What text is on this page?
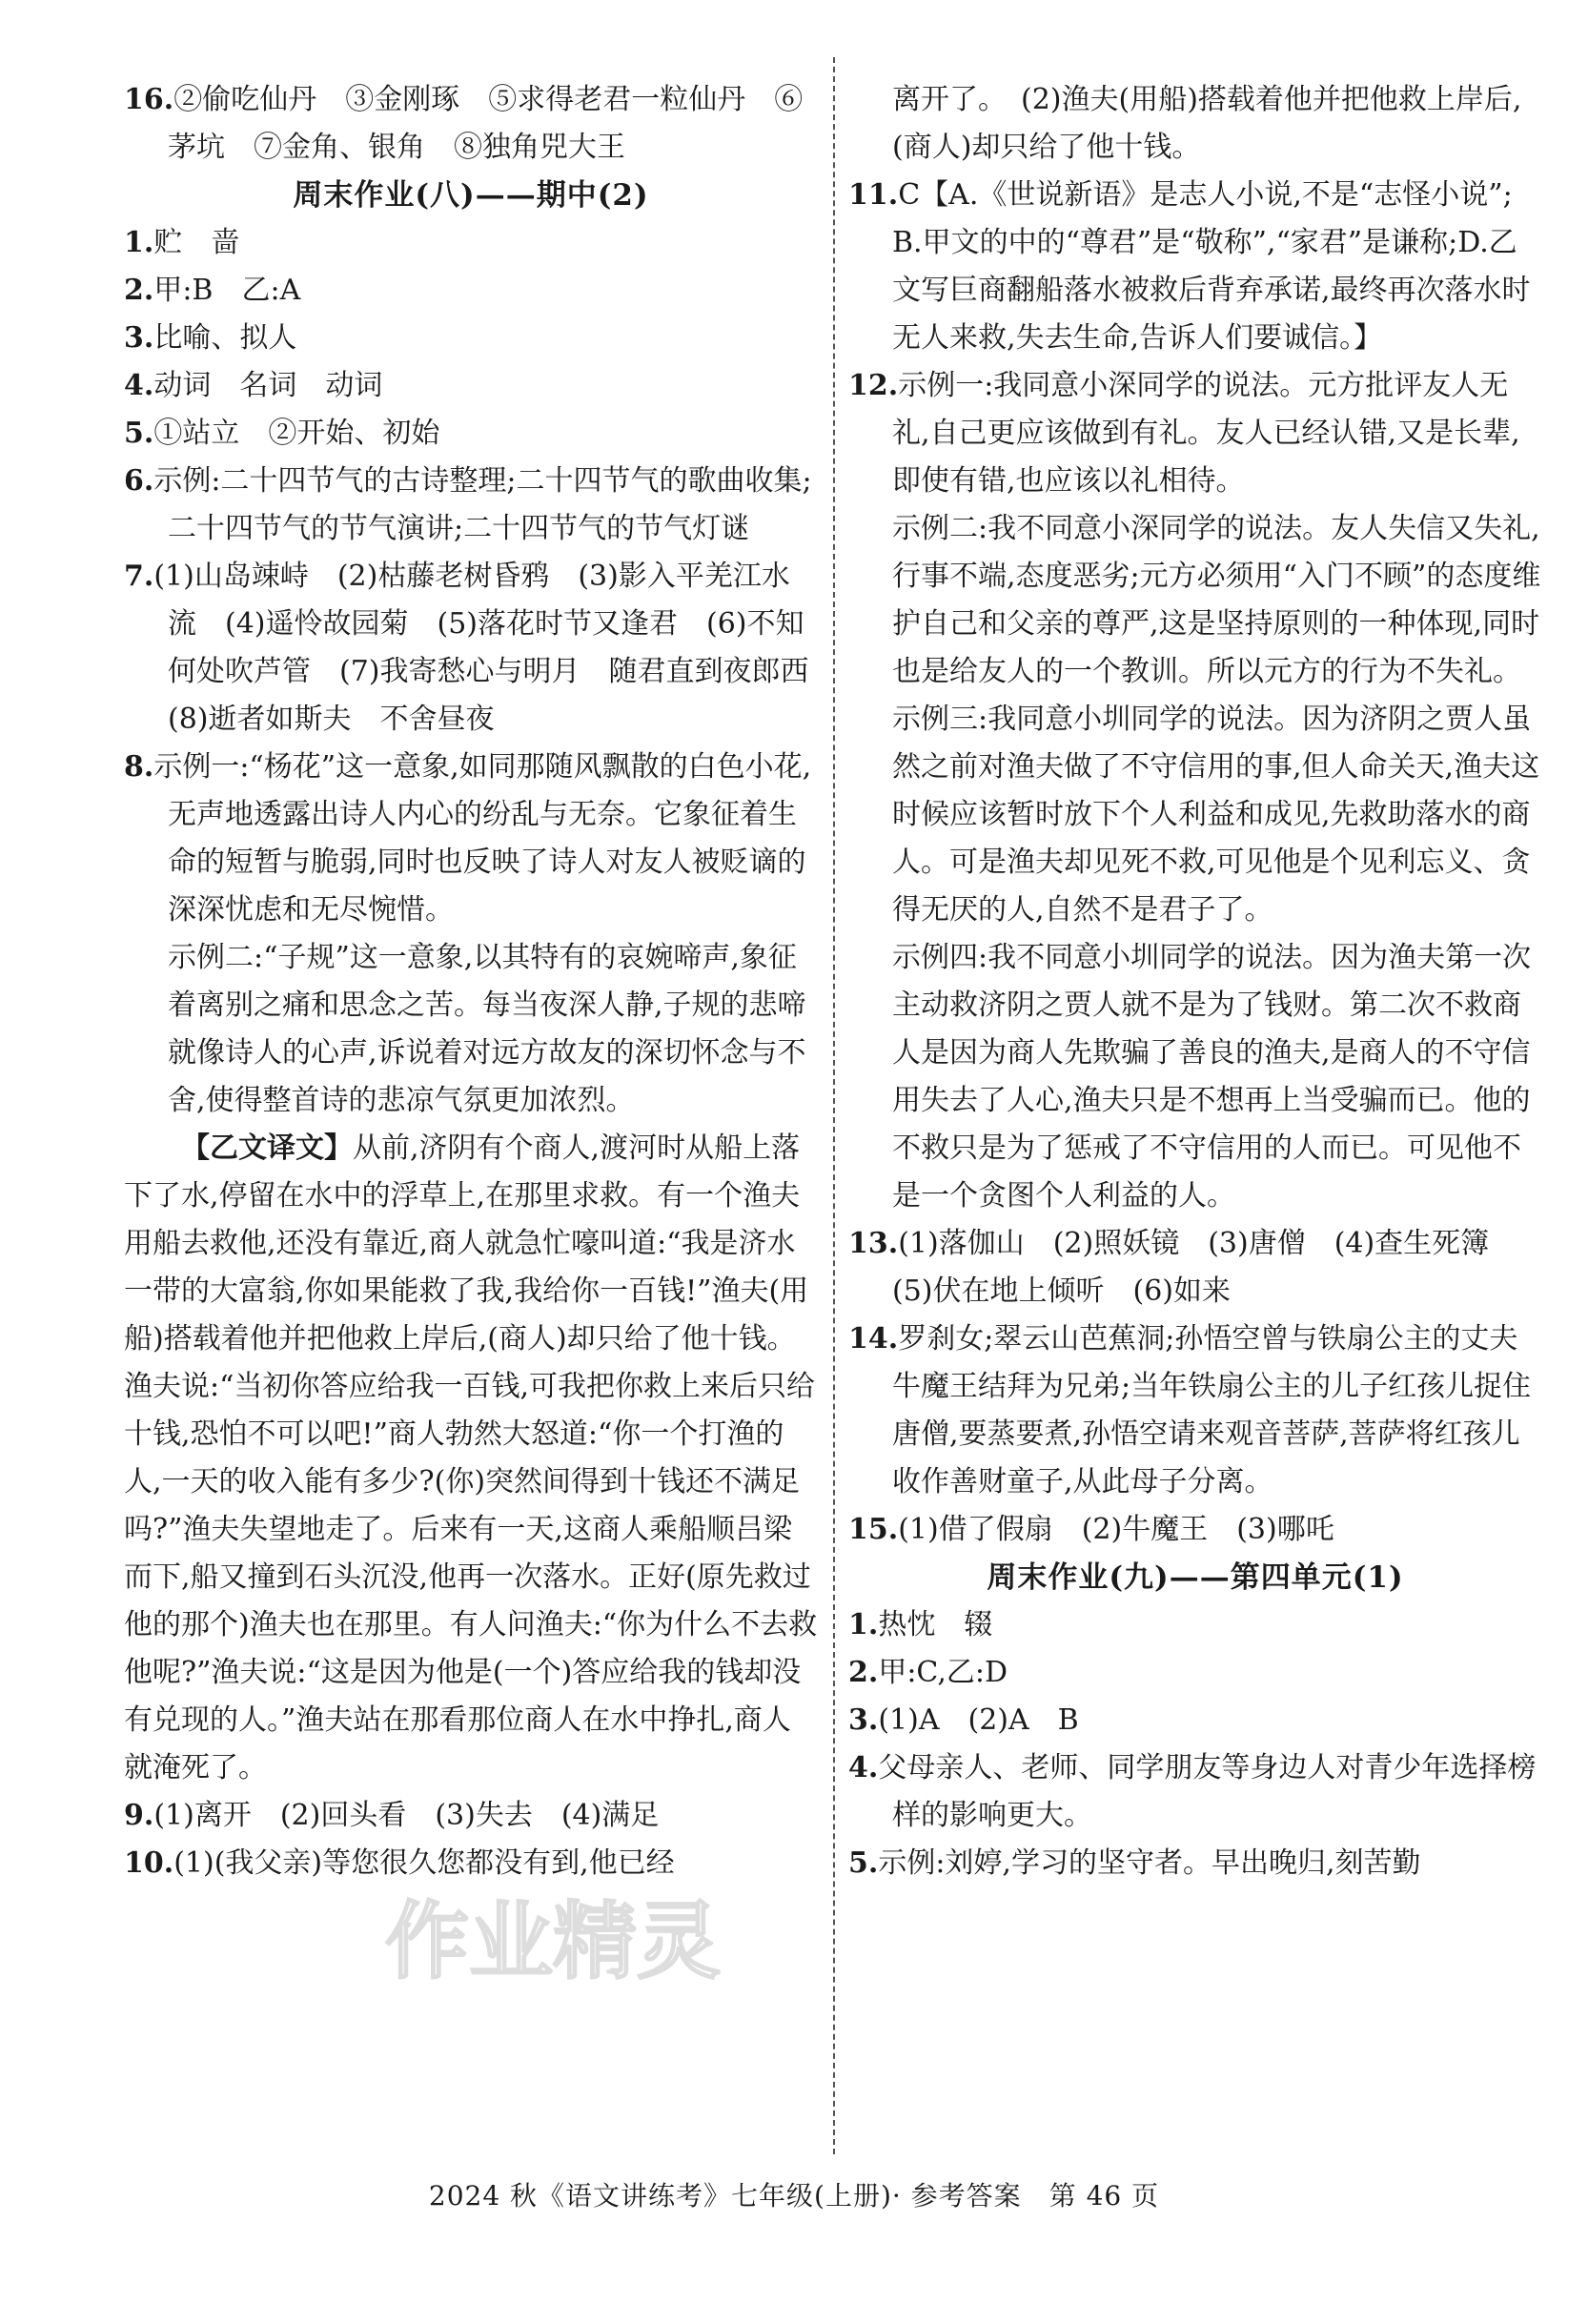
16.②偷吃仙丹　③金刚琢　⑤求得老君一粒仙丹　⑥茅坑　⑦金角、银角　⑧独角兕大王

周末作业(八)——期中(2)

1.贮　啬

2.甲:B　乙:A

3.比喻、拟人

4.动词　名词　动词

5.①站立　②开始、初始

6.示例:二十四节气的古诗整理;二十四节气的歌曲收集;二十四节气的节气演讲;二十四节气的节气灯谜

7.(1)山岛竦峙　(2)枯藤老树昏鸦　(3)影入平羌江水流　(4)遥怜故园菊　(5)落花时节又逢君　(6)不知何处吹芦管　(7)我寄愁心与明月　随君直到夜郎西　(8)逝者如斯夫　不舍昼夜

8.示例一:“杨花”这一意象,如同那随风飘散的白色小花,无声地透露出诗人内心的纷乱与无奈。它象征着生命的短暂与脆弱,同时也反映了诗人对友人被贬谪的深深忧虑和无尽惋惜。

示例二:“子规”这一意象,以其特有的哀婉啼声,象征着离别之痛和思念之苦。每当夜深人静,子规的悲啼就像诗人的心声,诉说着对远方故友的深切怀念与不舍,使得整首诗的悲凉气氛更加浓烈。

【乙文译文】从前,济阴有个商人,渡河时从船上落下了水,停留在水中的浮草上,在那里求救。有一个渔夫用船去救他,还没有靠近,商人就急忙嚎叫道:“我是济水一带的大富翁,你如果能救了我,我给你一百钱!”渔夫(用船)搭载着他并把他救上岸后,(商人)却只给了他十钱。渔夫说:“当初你答应给我一百钱,可我把你救上来后只给十钱,恐怕不可以吧!”商人勃然大怒道:“你一个打渔的人,一天的收入能有多少?(你)突然间得到十钱还不满足吗?”渔夫失望地走了。后来有一天,这商人乘船顺吕梁而下,船又撞到石头沉没,他再一次落水。正好(原先救过他的那个)渔夫也在那里。有人问渔夫:“你为什么不去救他呢?”渔夫说:“这是因为他是(一个)答应给我的钱却没有兑现的人。”渔夫站在那看那位商人在水中挣扎,商人就淹死了。

9.(1)离开　(2)回头看　(3)失去　(4)满足

10.(1)(我父亲)等您很久您都没有到,他已经

离开了。　(2)渔夫(用船)搭载着他并把他救上岸后,(商人)却只给了他十钱。

11.C【A.《世说新语》是志人小说,不是“志怪小说”;B.甲文的中的“尊君”是“敬称”,“家君”是谦称;D.乙文写巨商翻船落水被救后背弃承诺,最终再次落水时无人来救,失去生命,告诉人们要诚信。】

12.示例一:我同意小深同学的说法。元方批评友人无礼,自己更应该做到有礼。友人已经认错,又是长辈,即使有错,也应该以礼相待。

示例二:我不同意小深同学的说法。友人失信又失礼,行事不端,态度恶劣;元方必须用“入门不顾”的态度维护自己和父亲的尊严,这是坚持原则的一种体现,同时也是给友人的一个教训。所以元方的行为不失礼。

示例三:我同意小圳同学的说法。因为济阴之贾人虽然之前对渔夫做了不守信用的事,但人命关天,渔夫这时候应该暂时放下个人利益和成见,先救助落水的商人。可是渔夫却见死不救,可见他是个见利忘义、贪得无厌的人,自然不是君子了。

示例四:我不同意小圳同学的说法。因为渔夫第一次主动救济阴之贾人就不是为了钱财。第二次不救商人是因为商人先欺骗了善良的渔夫,是商人的不守信用失去了人心,渔夫只是不想再上当受骗而已。他的不救只是为了惩戒了不守信用的人而已。可见他不是一个贪图个人利益的人。

13.(1)落伽山　(2)照妖镜　(3)唐僧　(4)查生死簿　(5)伏在地上倾听　(6)如来

14.罗刹女;翠云山芭蕉洞;孙悟空曾与铁扇公主的丈夫牛魔王结拜为兄弟;当年铁扇公主的儿子红孩儿捉住唐僧,要蒸要煮,孙悟空请来观音菩萨,菩萨将红孩儿收作善财童子,从此母子分离。

15.(1)借了假扇　(2)牛魔王　(3)哪吒

周末作业(九)——第四单元(1)

1.热忱　辍

2.甲:C,乙:D

3.(1)A　(2)A　B

4.父母亲人、老师、同学朋友等身边人对青少年选择榜样的影响更大。

5.示例:刘婷,学习的坚守者。早出晚归,刻苦勤

作业精灵
2024 秋《语文讲练考》七年级(上册)· 参考答案　第 46 页
